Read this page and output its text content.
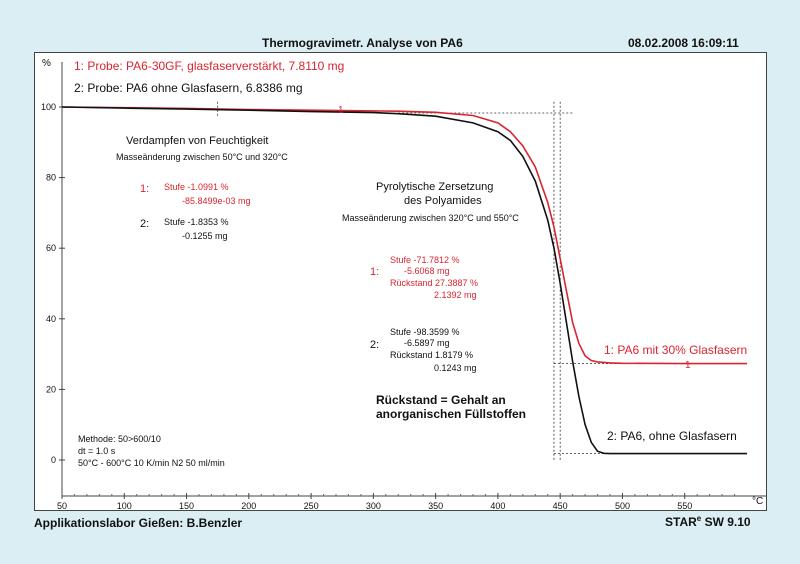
Thermogravimetr. Analyse von PA6	08.02.2008 16:09:11
1: Probe: PA6-30GF, glasfaserverstärkt, 7.8110 mg
2: Probe: PA6 ohne Glasfasern, 6.8386 mg
%
°C
0
20
40
60
80
100
50	100	150	200	250	300	350	400	450	500	550
Verdampfen von Feuchtigkeit
Masseänderung zwischen 50°C und 320°C
1: Stufe -1.0991 %
-85.8499e-03 mg
2: Stufe -1.8353 %
-0.1255 mg
Pyrolytische Zersetzung
des Polyamides
Masseänderung zwischen 320°C und 550°C
1:
Stufe -71.7812 %
-5.6068 mg
Rückstand 27.3887 %
2.1392 mg
2:
Stufe -98.3599 %
-6.5897 mg
Rückstand 1.8179 %
0.1243 mg
Rückstand = Gehalt an
anorganischen Füllstoffen
1: PA6 mit 30% Glasfasern
2: PA6, ohne Glasfasern
1
1
Methode: 50>600/10
dt = 1.0 s
50°C - 600°C 10 K/min N2 50 ml/min
Applikationslabor Gießen: B.Benzler	STAR$^e$ SW 9.10
